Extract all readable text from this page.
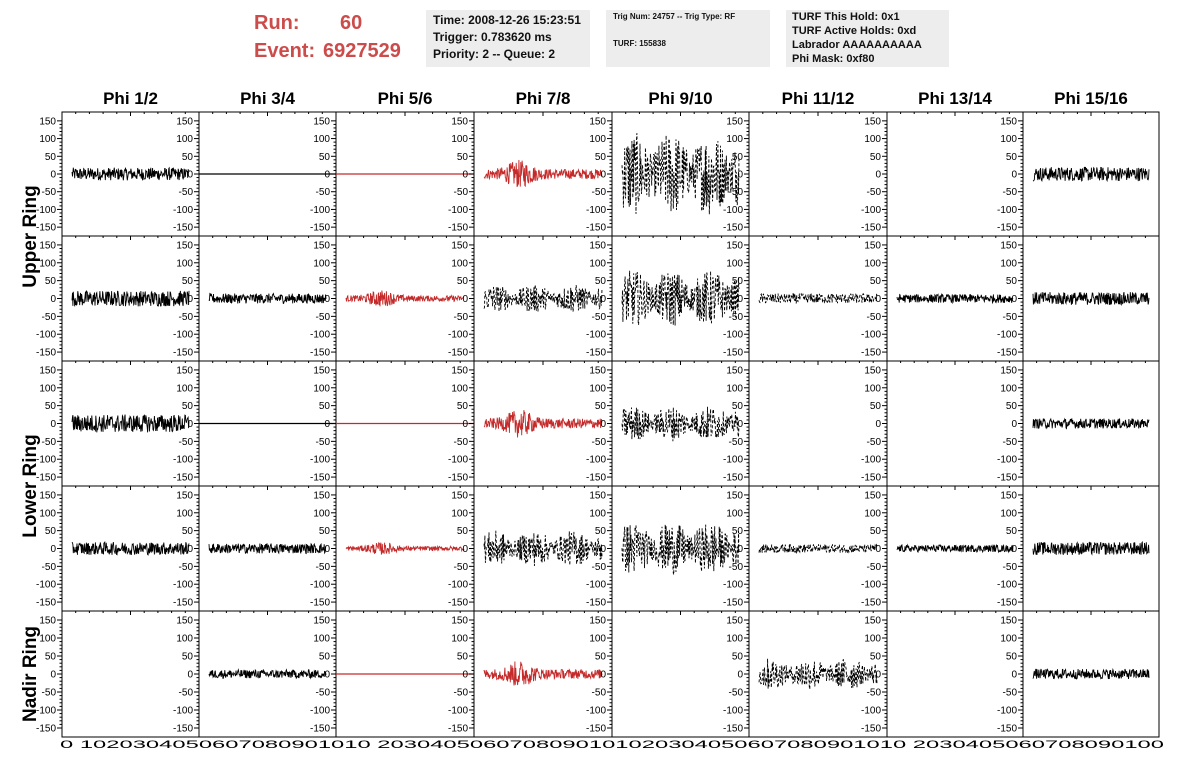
Run: 60
Event: 6927529
Time: 2008-12-26 15:23:51
Trigger: 0.783620 ms
Priority: 2 -- Queue: 2
Trig Num: 24757 -- Trig Type: RF
TURF: 155838
TURF This Hold: 0x1
TURF Active Holds: 0xd
Labrador AAAAAAAAAA
Phi Mask: 0xf80
Phi 1/2	Phi 3/4	Phi 5/6	Phi 7/8	Phi 9/10	Phi 11/12	Phi 13/14	Phi 15/16
Upper Ring
Lower Ring
Nadir Ring
150
100
50
0
-50
-100
-150
150
100
50
0
-50
-100
-150
150
100
50
0
-50
-100
-150
150
100
50
0
-50
-100
-150
150
100
50
0
-50
-100
-150
150
100
50
0
-50
-100
-150
150
100
50
0
-50
-100
-150
150
100
50
0
-50
-100
-150
150
100
50
0
-50
-100
-150
150
100
50
0
-50
-100
-150
150
100
50
0
-50
-100
-150
150
100
50
0
-50
-100
-150
150
100
50
0
-50
-100
-150
150
100
50
0
-50
-100
-150
150
100
50
0
-50
-100
-150
150
100
50
0
-50
-100
-150
150
100
50
0
-50
-100
-150
150
100
50
0
-50
-100
-150
150
100
50
0
-50
-100
-150
150
100
50
0
-50
-100
-150
150
100
50
0
-50
-100
-150
150
100
50
0
-50
-100
-150
150
100
50
0
-50
-100
-150
150
100
50
0
-50
-100
-150
150
100
50
0
-50
-100
-150
150
100
50
0
-50
-100
-150
150
100
50
0
-50
-100
-150
150
100
50
0
-50
-100
-150
150
100
50
0
-50
-100
-150
150
100
50
0
-50
-100
-150
150
100
50
0
-50
-100
-150
150
100
50
0
-50
-100
-150
150
100
50
0
-50
-100
-150
150
100
50
0
-50
-100
-150
150
100
50
0
-50
-100
-150
150
100
50
0
-50
-100
-150
150
100
50
0
-50
-100
-150
150
100
50
0
-50
-100
-150
150
100
50
0
-50
-100
-150
150
100
50
0
-50
-100
-150
0 1020304050607080901010 2030405060708090101020304050607080901010 2030405060708090100
